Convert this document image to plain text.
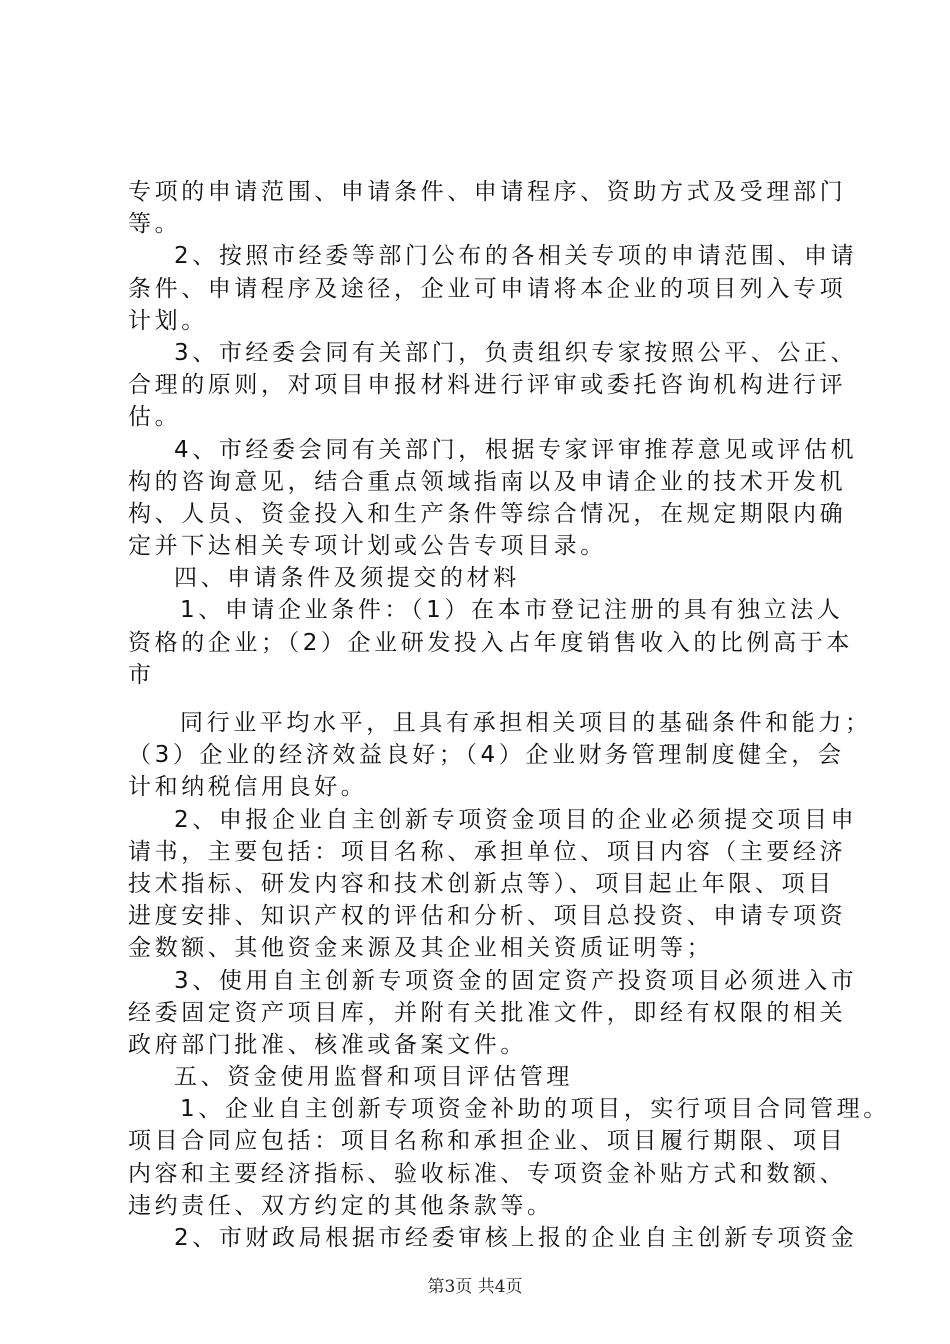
专项的申请范围、申请条件、申请程序、资助方式及受理部门
等。
2、按照市经委等部门公布的各相关专项的申请范围、申请
条件、申请程序及途径，企业可申请将本企业的项目列入专项
计划。
3、市经委会同有关部门，负责组织专家按照公平、公正、
合理的原则，对项目申报材料进行评审或委托咨询机构进行评
估。
4、市经委会同有关部门，根据专家评审推荐意见或评估机
构的咨询意见，结合重点领域指南以及申请企业的技术开发机
构、人员、资金投入和生产条件等综合情况，在规定期限内确
定并下达相关专项计划或公告专项目录。
四、申请条件及须提交的材料
1、申请企业条件：（1）在本市登记注册的具有独立法人
资格的企业；（2）企业研发投入占年度销售收入的比例高于本
市
同行业平均水平，且具有承担相关项目的基础条件和能力；
（3）企业的经济效益良好；（4）企业财务管理制度健全，会
计和纳税信用良好。
2、申报企业自主创新专项资金项目的企业必须提交项目申
请书，主要包括：项目名称、承担单位、项目内容（主要经济
技术指标、研发内容和技术创新点等）、项目起止年限、项目
进度安排、知识产权的评估和分析、项目总投资、申请专项资
金数额、其他资金来源及其企业相关资质证明等；
3、使用自主创新专项资金的固定资产投资项目必须进入市
经委固定资产项目库，并附有关批准文件，即经有权限的相关
政府部门批准、核准或备案文件。
五、资金使用监督和项目评估管理
1、企业自主创新专项资金补助的项目，实行项目合同管理。
项目合同应包括：项目名称和承担企业、项目履行期限、项目
内容和主要经济指标、验收标准、专项资金补贴方式和数额、
违约责任、双方约定的其他条款等。
2、市财政局根据市经委审核上报的企业自主创新专项资金
第3页 共4页
